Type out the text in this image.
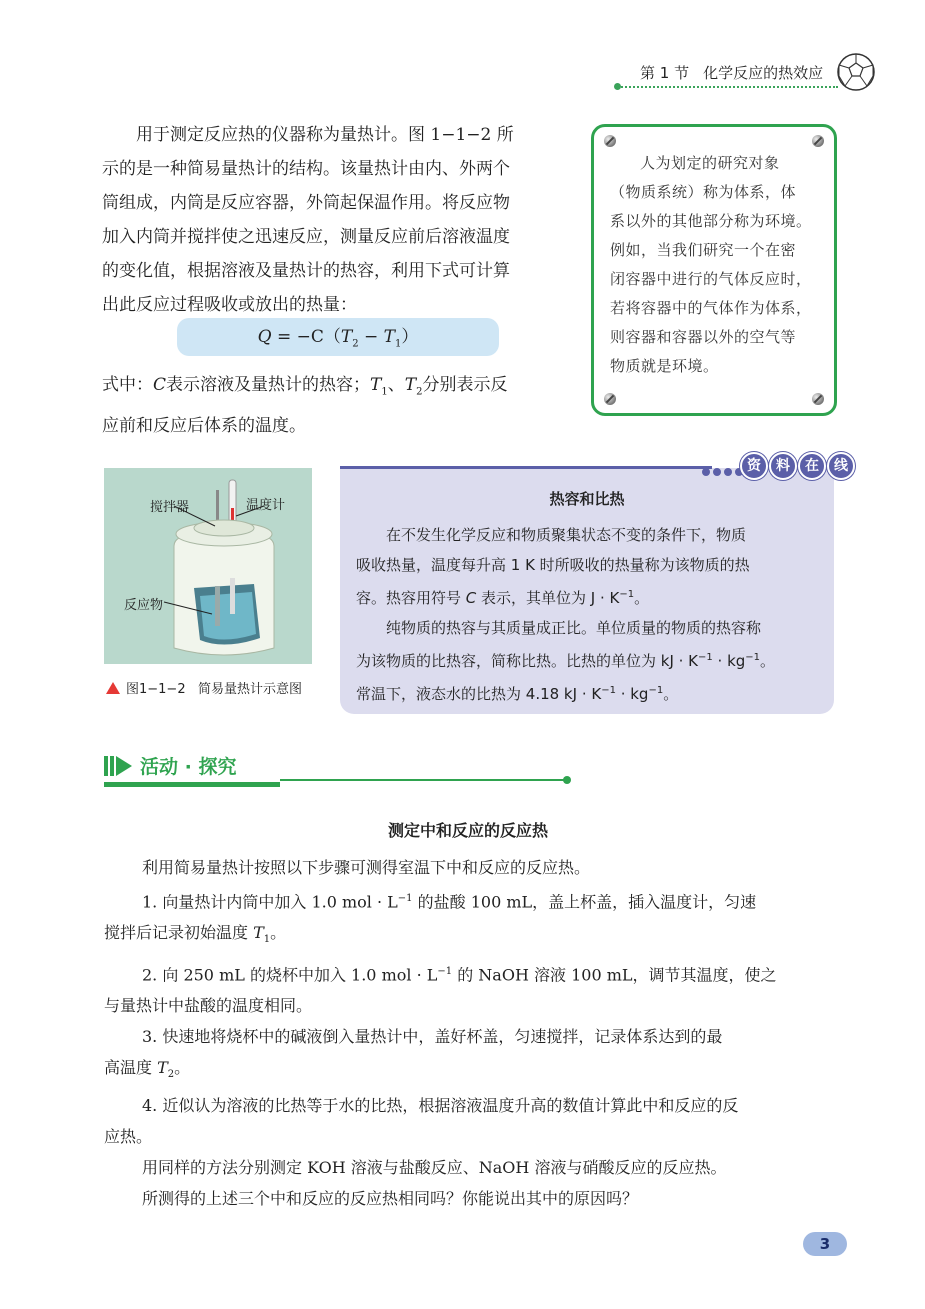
第 1 节 化学反应的热效应
用于测定反应热的仪器称为量热计。图 1−1−2 所
示的是一种简易量热计的结构。该量热计由内、外两个
筒组成，内筒是反应容器，外筒起保温作用。将反应物
加入内筒并搅拌使之迅速反应，测量反应前后溶液温度
的变化值，根据溶液及量热计的热容，利用下式可计算
出此反应过程吸收或放出的热量：
$Q = -C(T_2 - T_1)$
式中：C表示溶液及量热计的热容；$T_1$、$T_2$分别表示反
应前和反应后体系的温度。
人为划定的研究对象
（物质系统）称为体系，体
系以外的其他部分称为环境。
例如，当我们研究一个在密
闭容器中进行的气体反应时，
若将容器中的气体作为体系，
则容器和容器以外的空气等
物质就是环境。
搅拌器	温度计
反应物
图1−1−2 简易量热计示意图
资 料 在 线
热容和比热
在不发生化学反应和物质聚集状态不变的条件下，物质
吸收热量，温度每升高 1 K 时所吸收的热量称为该物质的热
容。热容用符号 C 表示，其单位为 $J \cdot K^{-1}$。
纯物质的热容与其质量成正比。单位质量的物质的热容称
为该物质的比热容，简称比热。比热的单位为 kJ · $K^{-1} \cdot kg^{-1}$。
常温下，液态水的比热为 4.18 kJ · $K^{-1} \cdot kg^{-1}$。
活动 · 探究
测定中和反应的反应热
利用简易量热计按照以下步骤可测得室温下中和反应的反应热。
1. 向量热计内筒中加入 1.0 mol · $L^{-1}$ 的盐酸 100 mL，盖上杯盖，插入温度计，匀速
搅拌后记录初始温度 $T_1$。
2. 向 250 mL 的烧杯中加入 1.0 mol · $L^{-1}$ 的 NaOH 溶液 100 mL，调节其温度，使之
与量热计中盐酸的温度相同。
3. 快速地将烧杯中的碱液倒入量热计中，盖好杯盖，匀速搅拌，记录体系达到的最
高温度 $T_2$。
4. 近似认为溶液的比热等于水的比热，根据溶液温度升高的数值计算此中和反应的反
应热。
用同样的方法分别测定 KOH 溶液与盐酸反应、NaOH 溶液与硝酸反应的反应热。
所测得的上述三个中和反应的反应热相同吗？你能说出其中的原因吗？
3
